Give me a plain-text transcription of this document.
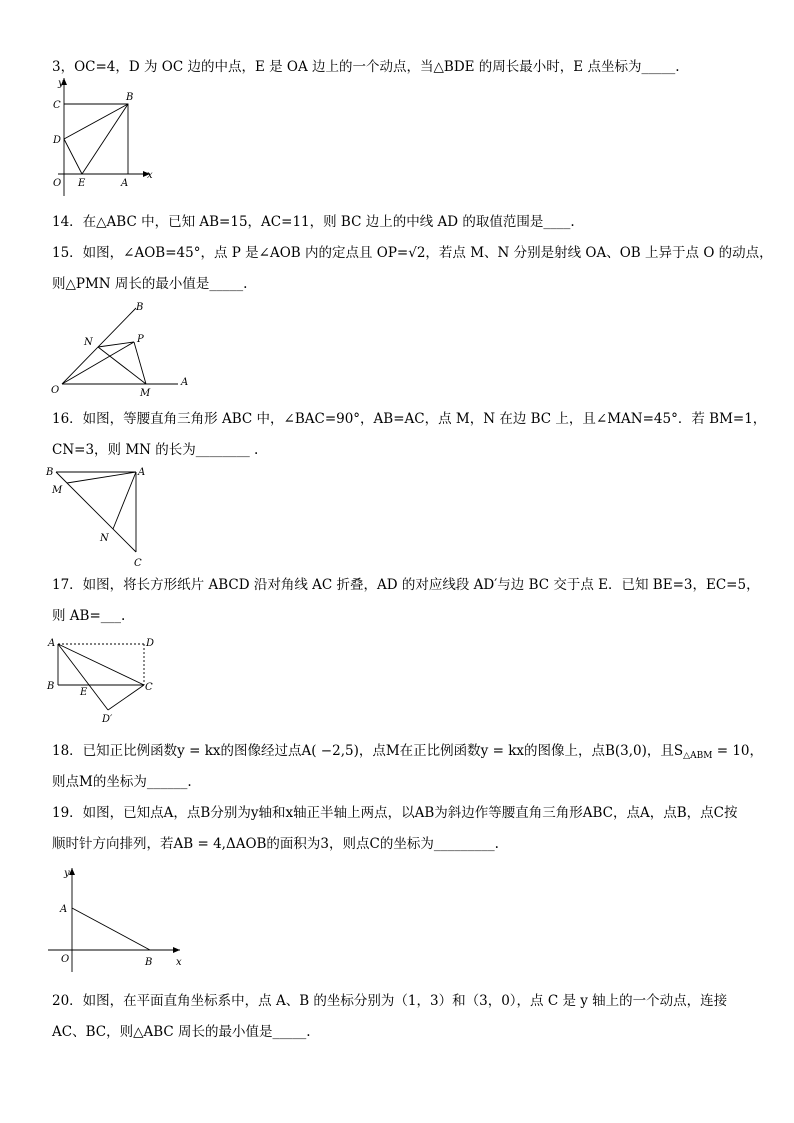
3，OC=4，D 为 OC 边的中点，E 是 OA 边上的一个动点，当△BDE 的周长最小时，E 点坐标为_____.
y
C
B
D
O E	A
x
14．在△ABC 中，已知 AB=15，AC=11，则 BC 边上的中线 AD 的取值范围是____.
15．如图，∠AOB=45°，点 P 是∠AOB 内的定点且 OP=√2，若点 M、N 分别是射线 OA、OB 上异于点 O 的动点，
则△PMN 周长的最小值是_____.
B
N	P
O	M
A
16．如图，等腰直角三角形 ABC 中，∠BAC=90°，AB=AC，点 M，N 在边 BC 上，且∠MAN=45°．若 BM=1，
CN=3，则 MN 的长为________ .
B	A
M
N
C
17．如图，将长方形纸片 ABCD 沿对角线 AC 折叠，AD 的对应线段 AD′与边 BC 交于点 E．已知 BE=3，EC=5，
则 AB=___.
A	D
B
E	C
D′
18．已知正比例函数y = kx的图像经过点A( −2,5)，点M在正比例函数y = kx的图像上，点B(3,0)，且$S_{\triangle ABM} = 10$，
则点M的坐标为______.
19．如图，已知点A，点B分别为y轴和x轴正半轴上两点，以AB为斜边作等腰直角三角形ABC，点A，点B，点C按
顺时针方向排列，若AB = 4,ΔAOB的面积为3，则点C的坐标为_________.
y
A
O	B x
20．如图，在平面直角坐标系中，点 A、B 的坐标分别为（1，3）和（3，0），点 C 是 y 轴上的一个动点，连接
AC、BC，则△ABC 周长的最小值是_____.
